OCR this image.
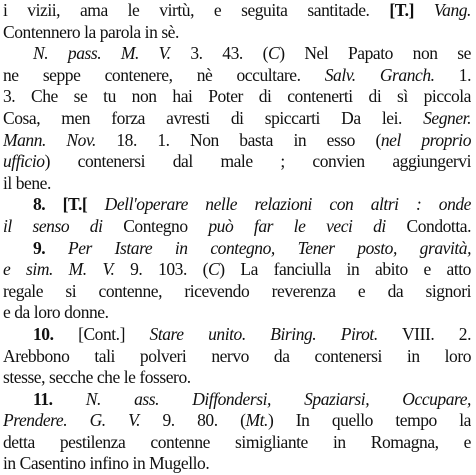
i vizii, ama le virtù, e seguita santitade. [T.] Vang.
Contennero la parola in sè.
N. pass. M. V. 3. 43. (C) Nel Papato non se
ne seppe contenere, nè occultare. Salv. Granch. 1.
3. Che se tu non hai Poter di contenerti di sì piccola
Cosa, men forza avresti di spiccarti Da lei. Segner.
Mann. Nov. 18. 1. Non basta in esso (nel proprio
ufficio) contenersi dal male ; convien aggiungervi
il bene.
8. [T.[ Dell'operare nelle relazioni con altri : onde
il senso di Contegno può far le veci di Condotta.
9. Per Istare in contegno, Tener posto, gravità,
e sim. M. V. 9. 103. (C) La fanciulla in abito e atto
regale si contenne, ricevendo reverenza e da signori
e da loro donne.
10. [Cont.] Stare unito. Biring. Pirot. VIII. 2.
Arebbono tali polveri nervo da contenersi in loro
stesse, secche che le fossero.
11. N. ass. Diffondersi, Spaziarsi, Occupare,
Prendere. G. V. 9. 80. (Mt.) In quello tempo la
detta pestilenza contenne simigliante in Romagna, e
in Casentino infino in Mugello.
